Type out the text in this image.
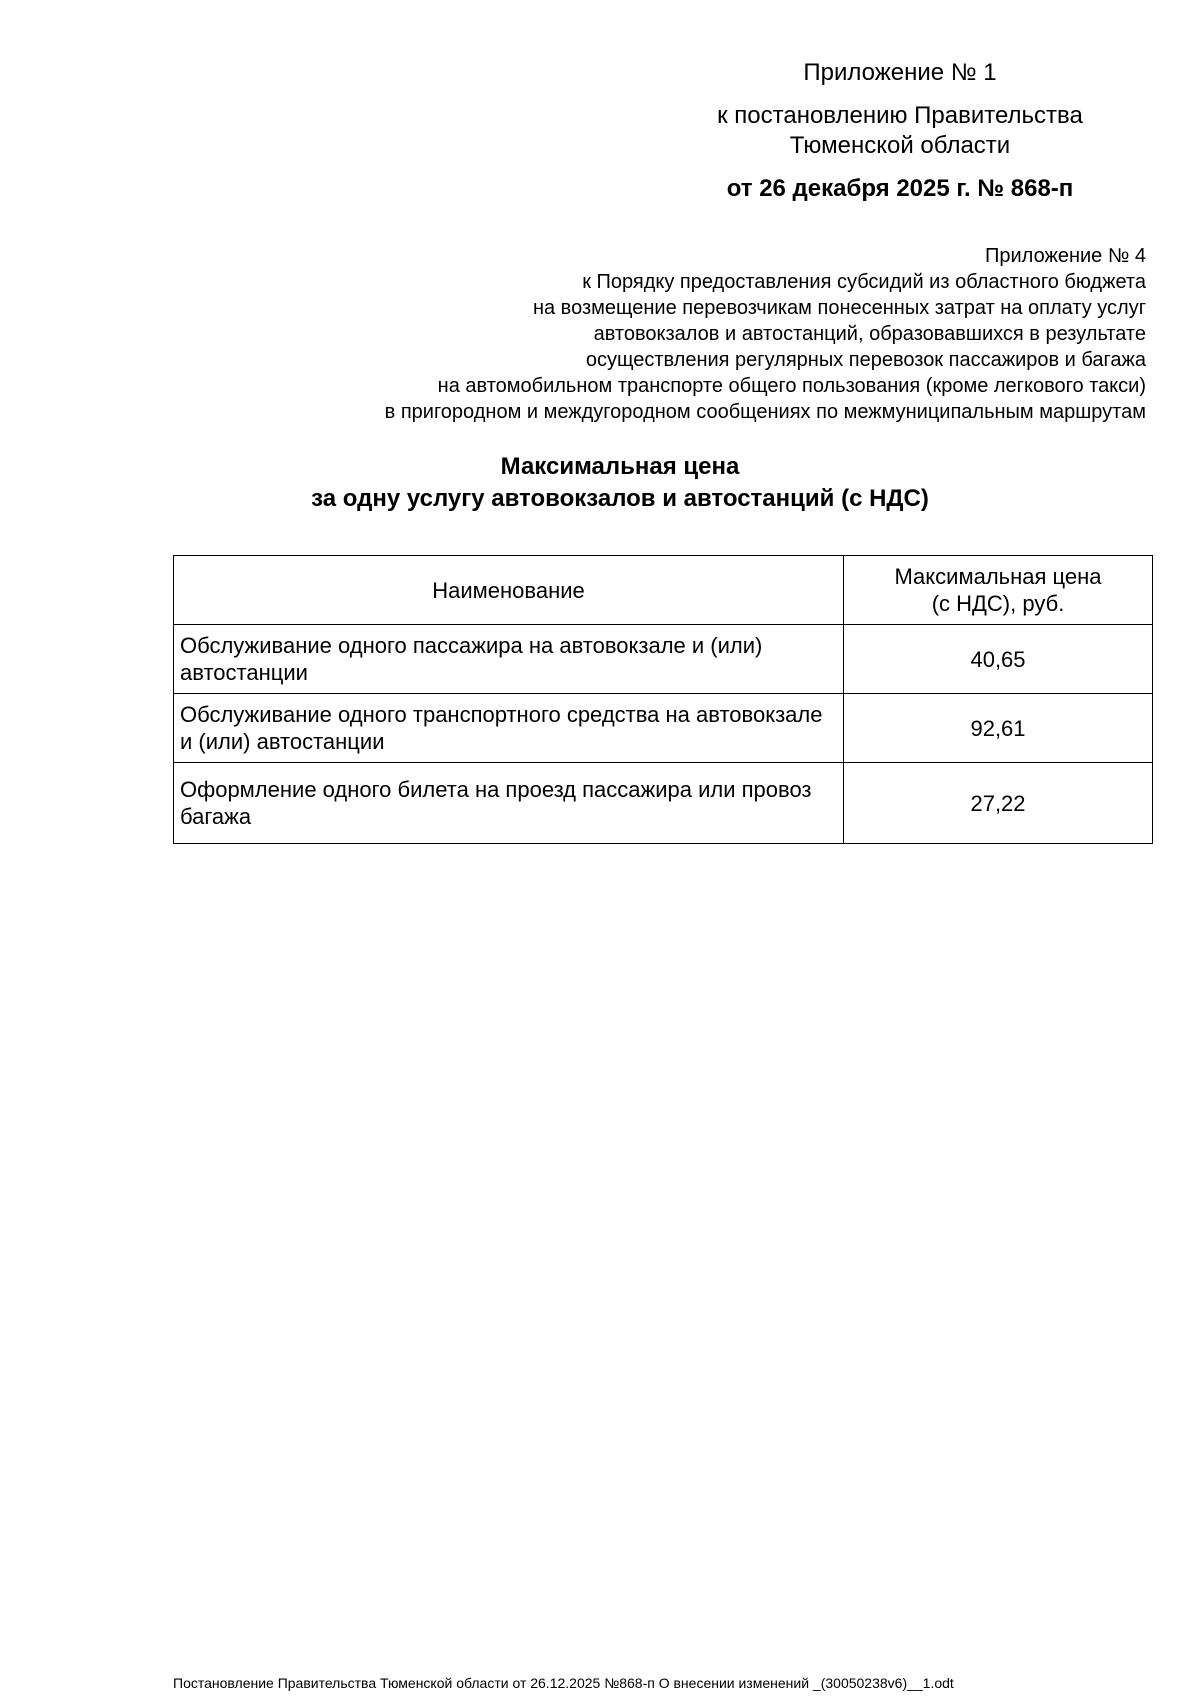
Приложение № 1
к постановлению Правительства
Тюменской области
от 26 декабря 2025 г. № 868-п
Приложение № 4
к Порядку предоставления субсидий из областного бюджета
на возмещение перевозчикам понесенных затрат на оплату услуг
автовокзалов и автостанций, образовавшихся в результате
осуществления регулярных перевозок пассажиров и багажа
на автомобильном транспорте общего пользования (кроме легкового такси)
в пригородном и междугородном сообщениях по межмуниципальным маршрутам
Максимальная цена
за одну услугу автовокзалов и автостанций (с НДС)
Наименование	Максимальная цена
(с НДС), руб.

Обслуживание одного пассажира на автовокзале и (или) автостанции	40,65
Обслуживание одного транспортного средства на автовокзале и (или) автостанции	92,61
Оформление одного билета на проезд пассажира или провоз багажа	27,22
Постановление Правительства Тюменской области от 26.12.2025 №868-п О внесении изменений _(30050238v6)__1.odt
